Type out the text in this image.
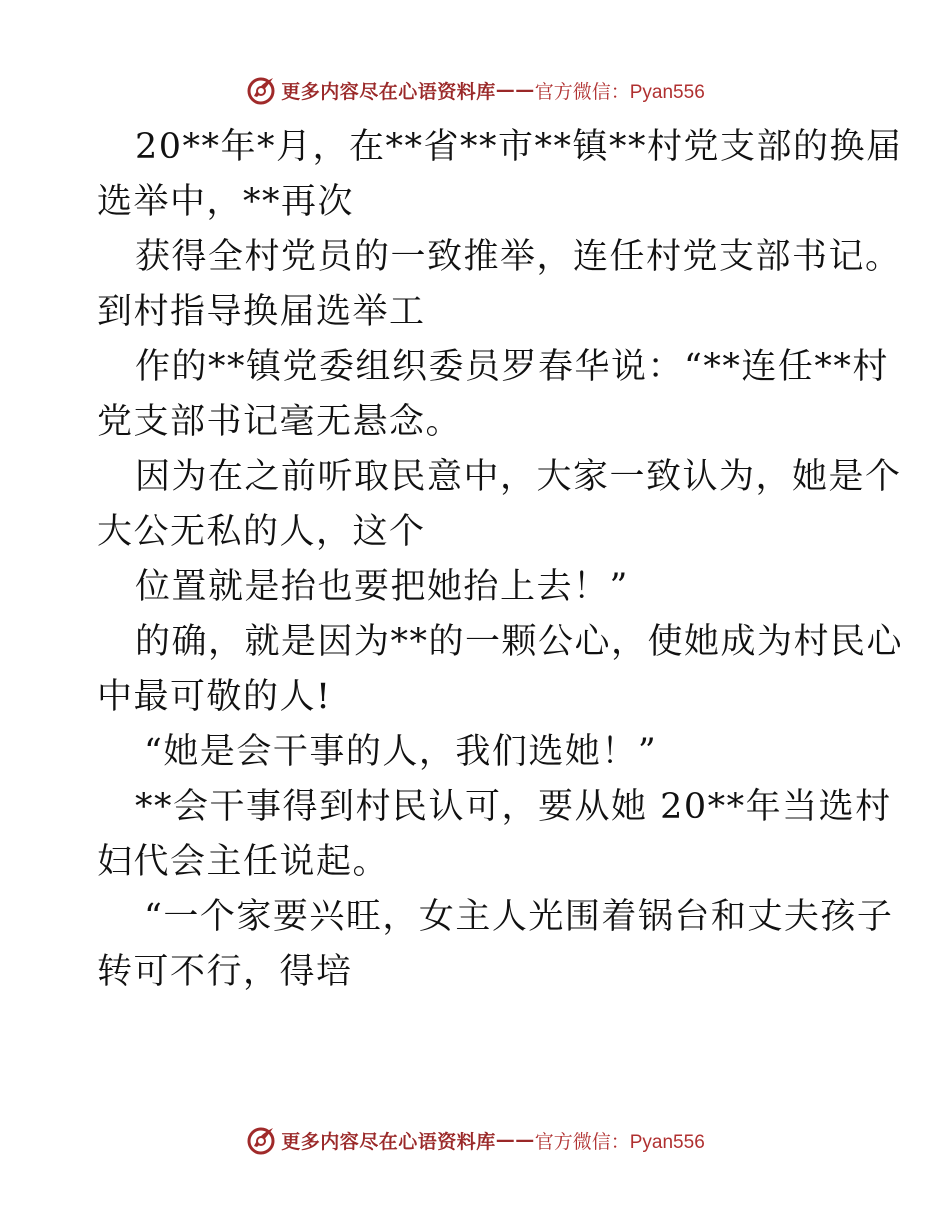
更多内容尽在心语资料库 —— 官方微信：Pyan556

20**年*月，在**省**市**镇**村党支部的换届

选举中，**再次

获得全村党员的一致推举，连任村党支部书记。

到村指导换届选举工

作的**镇党委组织委员罗春华说：“**连任**村

党支部书记毫无悬念。

因为在之前听取民意中，大家一致认为，她是个

大公无私的人，这个

位置就是抬也要把她抬上去！”

的确，就是因为**的一颗公心，使她成为村民心

中最可敬的人!

“她是会干事的人，我们选她！”

**会干事得到村民认可，要从她 20**年当选村

妇代会主任说起。

“一个家要兴旺，女主人光围着锅台和丈夫孩子

转可不行，得培

更多内容尽在心语资料库 —— 官方微信：Pyan556
